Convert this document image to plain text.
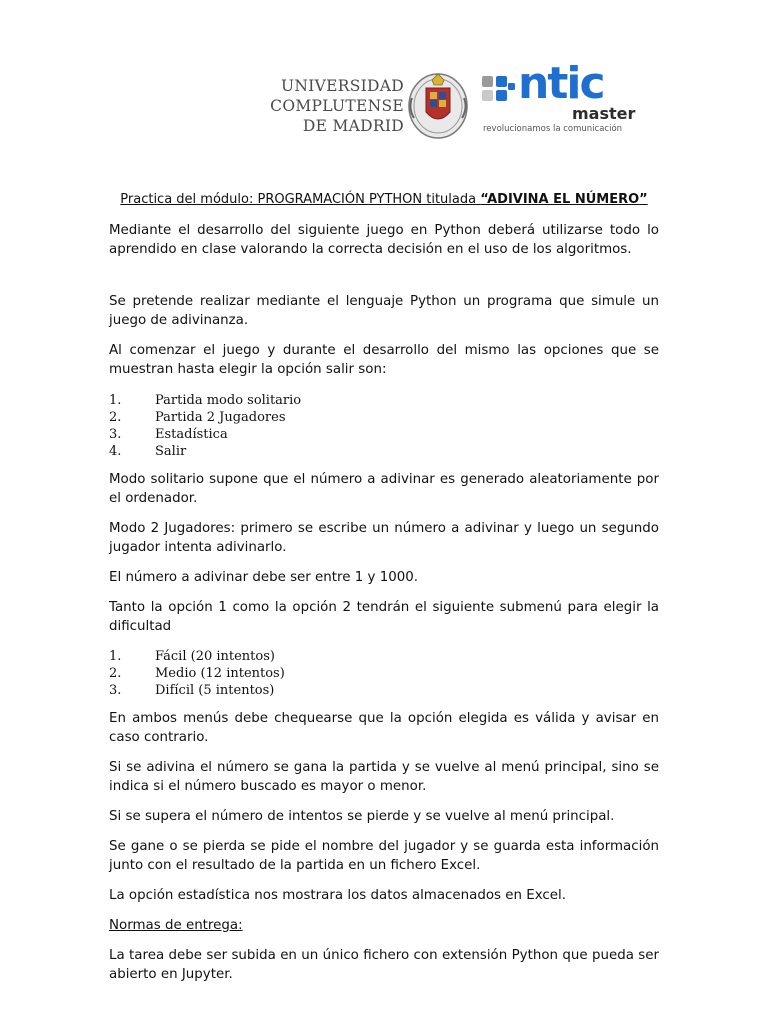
UNIVERSIDAD
COMPLUTENSE
DE MADRID
ntic
master
revolucionamos la comunicación

Practica del módulo: PROGRAMACIÓN PYTHON titulada “ADIVINA EL NÚMERO”

Mediante el desarrollo del siguiente juego en Python deberá utilizarse todo lo aprendido en clase valorando la correcta decisión en el uso de los algoritmos.

Se pretende realizar mediante el lenguaje Python un programa que simule un juego de adivinanza.

Al comenzar el juego y durante el desarrollo del mismo las opciones que se muestran hasta elegir la opción salir son:

1.	Partida modo solitario
2.	Partida 2 Jugadores
3.	Estadística
4.	Salir

Modo solitario supone que el número a adivinar es generado aleatoriamente por el ordenador.

Modo 2 Jugadores: primero se escribe un número a adivinar y luego un segundo jugador intenta adivinarlo.

El número a adivinar debe ser entre 1 y 1000.

Tanto la opción 1 como la opción 2 tendrán el siguiente submenú para elegir la dificultad

1.	Fácil (20 intentos)
2.	Medio (12 intentos)
3.	Difícil (5 intentos)

En ambos menús debe chequearse que la opción elegida es válida y avisar en caso contrario.

Si se adivina el número se gana la partida y se vuelve al menú principal, sino se indica si el número buscado es mayor o menor.

Si se supera el número de intentos se pierde y se vuelve al menú principal.

Se gane o se pierda se pide el nombre del jugador y se guarda esta información junto con el resultado de la partida en un fichero Excel.

La opción estadística nos mostrara los datos almacenados en Excel.

Normas de entrega:

La tarea debe ser subida en un único fichero con extensión Python que pueda ser abierto en Jupyter.
